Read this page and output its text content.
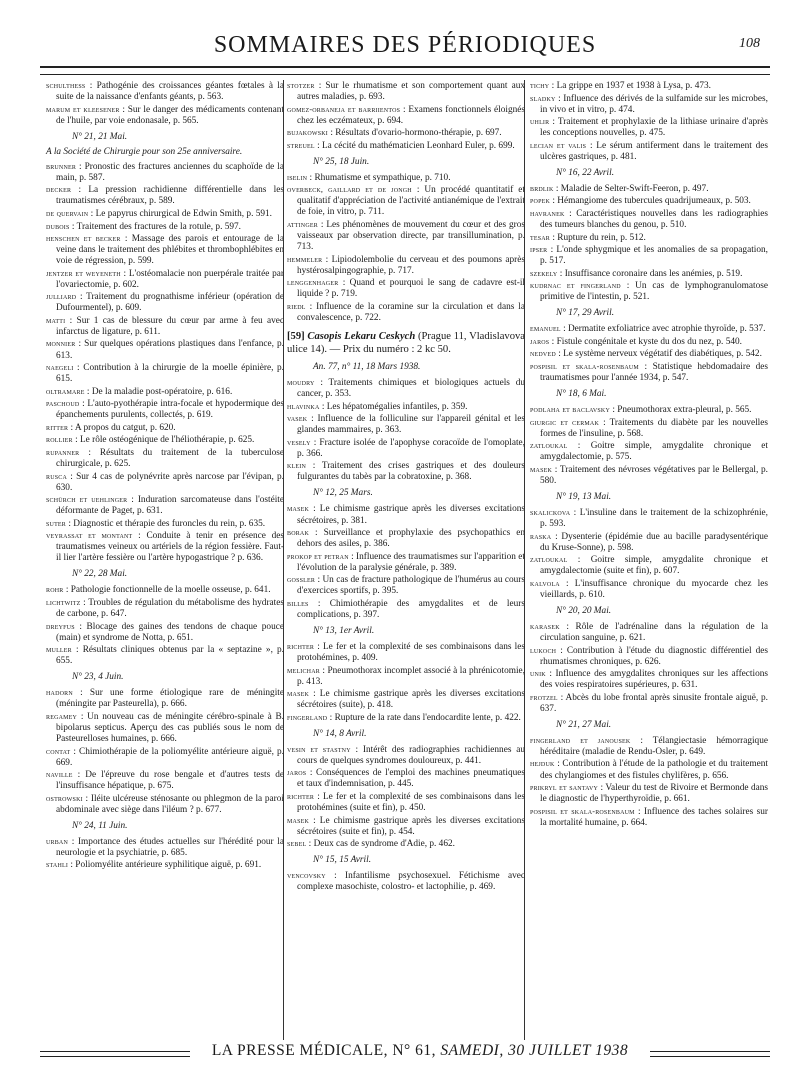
SOMMAIRES DES PÉRIODIQUES	108
schulthess : Pathogénie des croissances géantes fœtales à la suite de la naissance d'enfants géants, p. 563.
marum et kleesener : Sur le danger des médicaments contenant de l'huile, par voie endonasale, p. 565.
N° 21, 21 Mai.
A la Société de Chirurgie pour son 25e anniversaire.
brunner : Pronostic des fractures anciennes du scaphoïde de la main, p. 587.
decker : La pression rachidienne différentielle dans les traumatismes cérébraux, p. 589.
de quervain : Le papyrus chirurgical de Edwin Smith, p. 591.
dubois : Traitement des fractures de la rotule, p. 597.
henschen et becker : Massage des parois et entourage de la veine dans le traitement des phlébites et thrombophlébites en voie de régression, p. 599.
jentzer et weyeneth : L'ostéomalacie non puerpérale traitée par l'ovariectomie, p. 602.
julliard : Traitement du prognathisme inférieur (opération de Dufourmentel), p. 609.
matti : Sur 1 cas de blessure du cœur par arme à feu avec infarctus de ligature, p. 611.
monnier : Sur quelques opérations plastiques dans l'enfance, p. 613.
naegeli : Contribution à la chirurgie de la moelle épinière, p. 615.
oltramare : De la maladie post-opératoire, p. 616.
paschoud : L'auto-pyothérapie intra-focale et hypodermique des épanchements purulents, collectés, p. 619.
ritter : A propos du catgut, p. 620.
rollier : Le rôle ostéogénique de l'héliothérapie, p. 625.
rupanner : Résultats du traitement de la tuberculose chirurgicale, p. 625.
rusca : Sur 4 cas de polynévrite après narcose par l'évipan, p. 630.
schürch et uehlinger : Induration sarcomateuse dans l'ostéite déformante de Paget, p. 631.
suter : Diagnostic et thérapie des furoncles du rein, p. 635.
veyrassat et montant : Conduite à tenir en présence des traumatismes veineux ou artériels de la région fessière. Faut-il lier l'artère fessière ou l'artère hypogastrique ? p. 636.
N° 22, 28 Mai.
rohr : Pathologie fonctionnelle de la moelle osseuse, p. 641.
lichtwitz : Troubles de régulation du métabolisme des hydrates de carbone, p. 647.
dreyfus : Blocage des gaines des tendons de chaque pouce (main) et syndrome de Notta, p. 651.
muller : Résultats cliniques obtenus par la « septazine », p. 655.
N° 23, 4 Juin.
hadorn : Sur une forme étiologique rare de méningite (méningite par Pasteurella), p. 666.
regamey : Un nouveau cas de méningite cérébro-spinale à B. bipolarus septicus. Aperçu des cas publiés sous le nom de Pasteurelloses humaines, p. 666.
contat : Chimiothérapie de la poliomyélite antérieure aiguë, p. 669.
naville : De l'épreuve du rose bengale et d'autres tests de l'insuffisance hépatique, p. 675.
ostrowski : Iléite ulcéreuse sténosante ou phlegmon de la paroi abdominale avec siège dans l'iléum ? p. 677.
N° 24, 11 Juin.
urban : Importance des études actuelles sur l'hérédité pour la neurologie et la psychiatrie, p. 685.
stahli : Poliomyélite antérieure syphilitique aiguë, p. 691.
stotzer : Sur le rhumatisme et son comportement quant aux autres maladies, p. 693.
gomez-orbaneja et barriientos : Examens fonctionnels éloignés chez les eczémateux, p. 694.
bujakowski : Résultats d'ovario-hormono-thérapie, p. 697.
streuel : La cécité du mathématicien Leonhard Euler, p. 699.
N° 25, 18 Juin.
iselin : Rhumatisme et sympathique, p. 710.
overbeck, gaillard et de jongh : Un procédé quantitatif et qualitatif d'appréciation de l'activité antianémique de l'extrait de foie, in vitro, p. 711.
attinger : Les phénomènes de mouvement du cœur et des gros vaisseaux par observation directe, par transillumination, p. 713.
hemmeler : Lipiodolembolie du cerveau et des poumons après hystérosalpingographie, p. 717.
lenggenhager : Quand et pourquoi le sang de cadavre est-il liquide ? p. 719.
riedl : Influence de la coramine sur la circulation et dans la convalescence, p. 722.
[59] Casopis Lekaru Ceskych (Prague 11, Vladislavova ulice 14). — Prix du numéro : 2 kc 50.
An. 77, n° 11, 18 Mars 1938.
moudry : Traitements chimiques et biologiques actuels du cancer, p. 353.
hlavinka : Les hépatomégalies infantiles, p. 359.
vasek : Influence de la folliculine sur l'appareil génital et les glandes mammaires, p. 363.
vesely : Fracture isolée de l'apophyse coracoïde de l'omoplate, p. 366.
klein : Traitement des crises gastriques et des douleurs fulgurantes du tabès par la cobratoxine, p. 368.
N° 12, 25 Mars.
masek : Le chimisme gastrique après les diverses excitations sécrétoires, p. 381.
borak : Surveillance et prophylaxie des psychopathics en dehors des asiles, p. 386.
prokop et petran : Influence des traumatismes sur l'apparition et l'évolution de la paralysie générale, p. 389.
gossler : Un cas de fracture pathologique de l'humérus au cours d'exercices sportifs, p. 395.
billes : Chimiothérapie des amygdalites et de leurs complications, p. 397.
N° 13, 1er Avril.
richter : Le fer et la complexité de ses combinaisons dans les protohémines, p. 409.
melichar : Pneumothorax incomplet associé à la phrénicotomie, p. 413.
masek : Le chimisme gastrique après les diverses excitations sécrétoires (suite), p. 418.
fingerland : Rupture de la rate dans l'endocardite lente, p. 422.
N° 14, 8 Avril.
vesin et stastny : Intérêt des radiographies rachidiennes au cours de quelques syndromes douloureux, p. 441.
jaros : Conséquences de l'emploi des machines pneumatiques et taux d'indemnisation, p. 445.
richter : Le fer et la complexité de ses combinaisons dans les protohémines (suite et fin), p. 450.
masek : Le chimisme gastrique après les diverses excitations sécrétoires (suite et fin), p. 454.
sebel : Deux cas de syndrome d'Adie, p. 462.
N° 15, 15 Avril.
vencovsky : Infantilisme psychosexuel. Fétichisme avec complexe masochiste, colostro- et lactophilie, p. 469.
tichy : La grippe en 1937 et 1938 à Lysa, p. 473.
sladky : Influence des dérivés de la sulfamide sur les microbes, in vivo et in vitro, p. 474.
uhlir : Traitement et prophylaxie de la lithiase urinaire d'après les conceptions nouvelles, p. 475.
lecian et valis : Le sérum antiferment dans le traitement des ulcères gastriques, p. 481.
N° 16, 22 Avril.
brdlik : Maladie de Selter-Swift-Feeron, p. 497.
popek : Hémangiome des tubercules quadrijumeaux, p. 503.
havranek : Caractéristiques nouvelles dans les radiographies des tumeurs blanches du genou, p. 510.
tesar : Rupture du rein, p. 512.
ipser : L'onde sphygmique et les anomalies de sa propagation, p. 517.
szekely : Insuffisance coronaire dans les anémies, p. 519.
kudrnac et fingerland : Un cas de lymphogranulomatose primitive de l'intestin, p. 521.
N° 17, 29 Avril.
emanuel : Dermatite exfoliatrice avec atrophie thyroïde, p. 537.
jaros : Fistule congénitale et kyste du dos du nez, p. 540.
nedved : Le système nerveux végétatif des diabétiques, p. 542.
pospisil et skala-rosenbaum : Statistique hebdomadaire des traumatismes pour l'année 1934, p. 547.
N° 18, 6 Mai.
podlaha et baclavsky : Pneumothorax extra-pleural, p. 565.
giurgic et cermak : Traitements du diabète par les nouvelles formes de l'insuline, p. 568.
zatloukal : Goitre simple, amygdalite chronique et amygdalectomie, p. 575.
masek : Traitement des névroses végétatives par le Bellergal, p. 580.
N° 19, 13 Mai.
skalickova : L'insuline dans le traitement de la schizophrénie, p. 593.
raska : Dysenterie (épidémie due au bacille paradysentérique du Kruse-Sonne), p. 598.
zatloukal : Goitre simple, amygdalite chronique et amygdalectomie (suite et fin), p. 607.
kalvola : L'insuffisance chronique du myocarde chez les vieillards, p. 610.
N° 20, 20 Mai.
karasek : Rôle de l'adrénaline dans la régulation de la circulation sanguine, p. 621.
lukoch : Contribution à l'étude du diagnostic différentiel des rhumatismes chroniques, p. 626.
unik : Influence des amygdalites chroniques sur les affections des voies respiratoires supérieures, p. 631.
frotzel : Abcès du lobe frontal après sinusite frontale aiguë, p. 637.
N° 21, 27 Mai.
fingerland et janousek : Télangiectasie hémorragique héréditaire (maladie de Rendu-Osler, p. 649.
hejduk : Contribution à l'étude de la pathologie et du traitement des chylangiomes et des fistules chylifères, p. 656.
prikryl et santavy : Valeur du test de Rivoire et Bermonde dans le diagnostic de l'hyperthyroïdie, p. 661.
pospisil et skala-rosenbaum : Influence des taches solaires sur la mortalité humaine, p. 664.
LA PRESSE MÉDICALE, N° 61, SAMEDI, 30 JUILLET 1938
